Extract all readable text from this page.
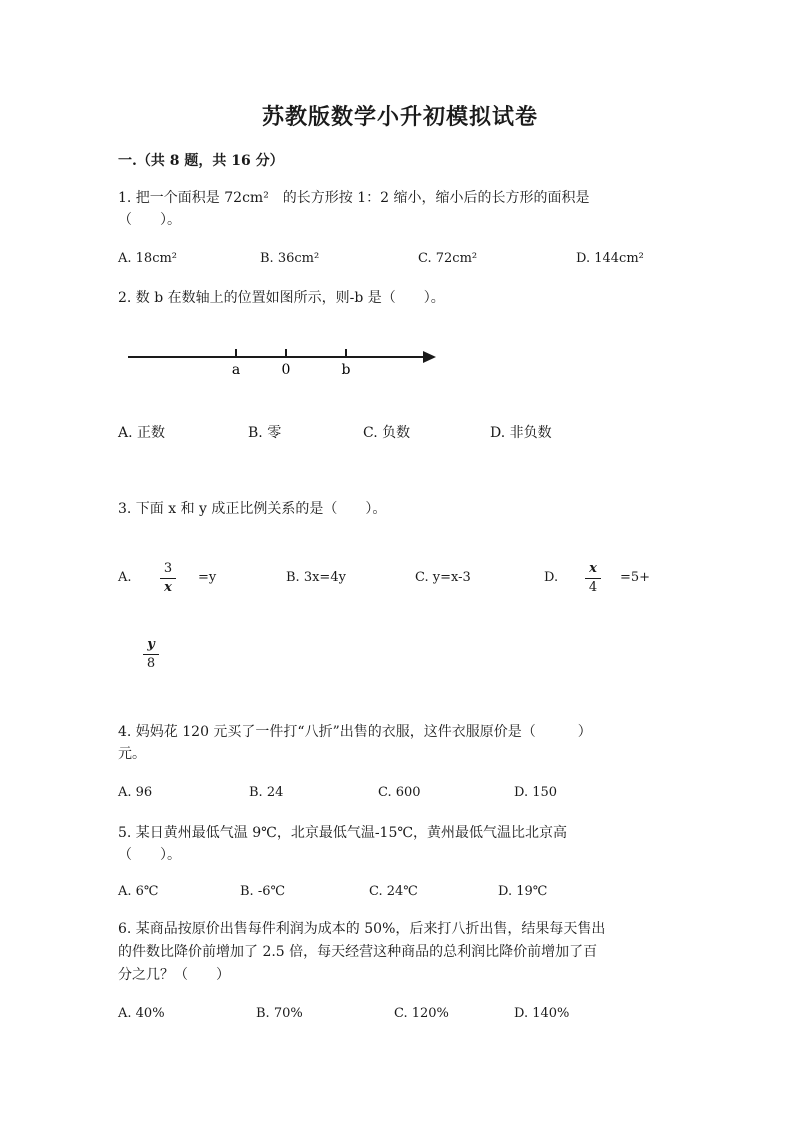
苏教版数学小升初模拟试卷
一.（共 8 题，共 16 分）
1. 把一个面积是 72cm²　的长方形按 1：2 缩小，缩小后的长方形的面积是
（　　）。
A. 18cm²	B. 36cm²	C. 72cm²	D. 144cm²
2. 数 b 在数轴上的位置如图所示，则-b 是（　　）。
a	0	b
A. 正数	B. 零	C. 负数	D. 非负数
3. 下面 x 和 y 成正比例关系的是（　　）。
A.
3
x
=y	B. 3x=4y	C. y=x-3	D.
x
4
=5+
y
8
4. 妈妈花 120 元买了一件打“八折”出售的衣服，这件衣服原价是（　　　）
元。
A. 96	B. 24	C. 600	D. 150
5. 某日黄州最低气温 9℃，北京最低气温-15℃，黄州最低气温比北京高
（　　）。
A. 6℃	B. -6℃	C. 24℃	D. 19℃
6. 某商品按原价出售每件利润为成本的 50%，后来打八折出售，结果每天售出
的件数比降价前增加了 2.5 倍，每天经营这种商品的总利润比降价前增加了百
分之几？（　　）
A. 40%	B. 70%	C. 120%	D. 140%
